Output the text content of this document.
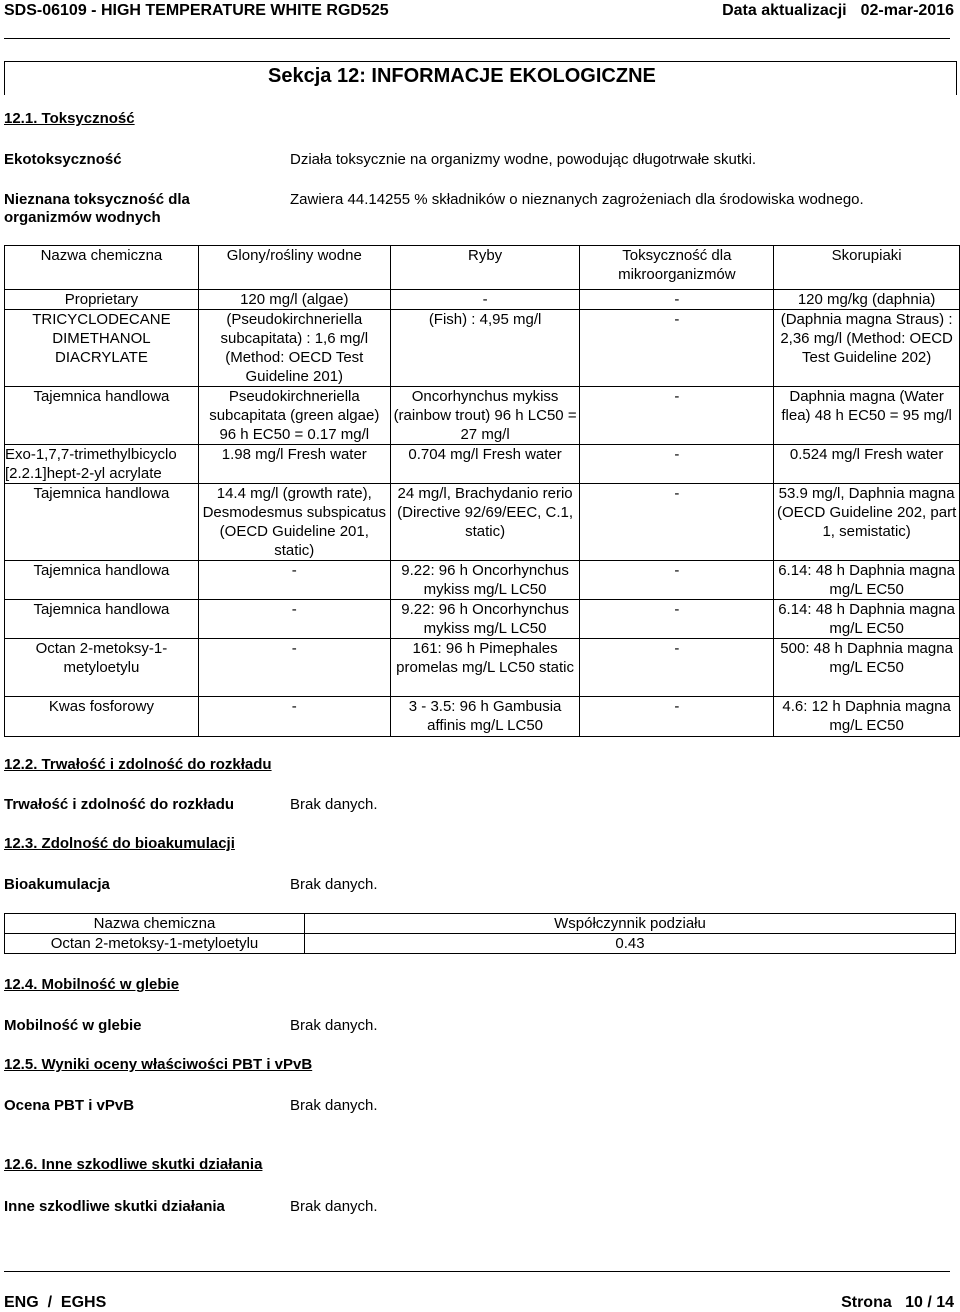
SDS-06109 - HIGH TEMPERATURE WHITE RGD525	Data aktualizacji 02-mar-2016
Sekcja 12: INFORMACJE EKOLOGICZNE
12.1. Toksyczność
Ekotoksyczność	Działa toksycznie na organizmy wodne, powodując długotrwałe skutki.
Nieznana toksyczność dla
organizmów wodnych
Zawiera 44.14255 % składników o nieznanych zagrożeniach dla środowiska wodnego.
Nazwa chemiczna	Glony/rośliny wodne	Ryby	Toksyczność dla mikroorganizmów	Skorupiaki
Proprietary	120 mg/l (algae)	-	-	120 mg/kg (daphnia)
TRICYCLODECANE DIMETHANOL DIACRYLATE	(Pseudokirchneriella subcapitata) : 1,6 mg/l (Method: OECD Test Guideline 201)	(Fish) : 4,95 mg/l	-	(Daphnia magna Straus) : 2,36 mg/l (Method: OECD Test Guideline 202)
Tajemnica handlowa	Pseudokirchneriella subcapitata (green algae) 96 h EC50 = 0.17 mg/l	Oncorhynchus mykiss (rainbow trout) 96 h LC50 = 27 mg/l	-	Daphnia magna (Water flea) 48 h EC50 = 95 mg/l
Exo-1,7,7-trimethylbicyclo [2.2.1]hept-2-yl acrylate	1.98 mg/l Fresh water	0.704 mg/l Fresh water	-	0.524 mg/l Fresh water
Tajemnica handlowa	14.4 mg/l (growth rate), Desmodesmus subspicatus (OECD Guideline 201, static)	24 mg/l, Brachydanio rerio (Directive 92/69/EEC, C.1, static)	-	53.9 mg/l, Daphnia magna (OECD Guideline 202, part 1, semistatic)
Tajemnica handlowa	-	9.22: 96 h Oncorhynchus mykiss mg/L LC50	-	6.14: 48 h Daphnia magna mg/L EC50
Tajemnica handlowa	-	9.22: 96 h Oncorhynchus mykiss mg/L LC50	-	6.14: 48 h Daphnia magna mg/L EC50
Octan 2-metoksy-1-metyloetylu	-	161: 96 h Pimephales promelas mg/L LC50 static	-	500: 48 h Daphnia magna mg/L EC50
Kwas fosforowy	-	3 - 3.5: 96 h Gambusia affinis mg/L LC50	-	4.6: 12 h Daphnia magna mg/L EC50
12.2. Trwałość i zdolność do rozkładu
Trwałość i zdolność do rozkładu	Brak danych.
12.3. Zdolność do bioakumulacji
Bioakumulacja	Brak danych.
Nazwa chemiczna	Współczynnik podziału
Octan 2-metoksy-1-metyloetylu	0.43
12.4. Mobilność w glebie
Mobilność w glebie	Brak danych.
12.5. Wyniki oceny właściwości PBT i vPvB
Ocena PBT i vPvB	Brak danych.
12.6. Inne szkodliwe skutki działania
Inne szkodliwe skutki działania	Brak danych.
ENG  /  EGHS	Strona   10 / 14
